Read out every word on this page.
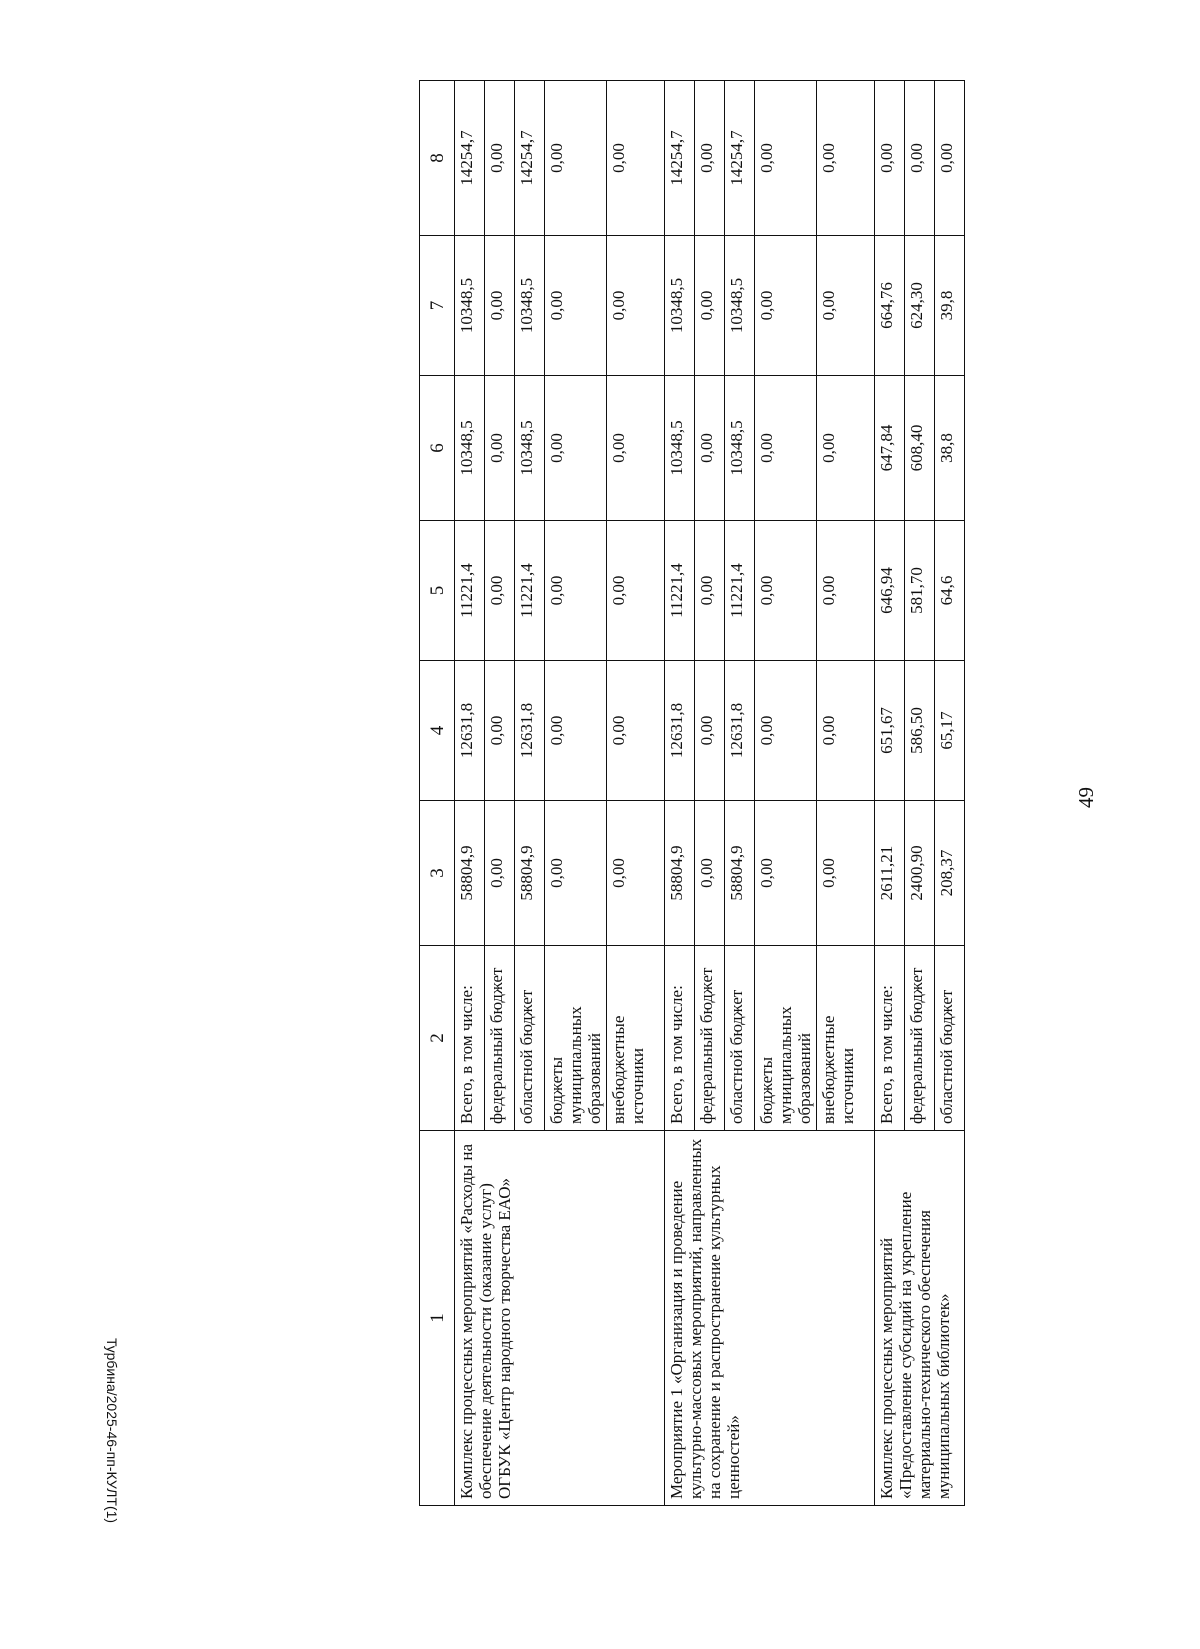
49
1	2	3	4	5	6	7	8
Комплекс процессных мероприятий «Расходы на обеспечение деятельности (оказание услуг) ОГБУК «Центр народного творчества ЕАО»	Всего, в том числе:	58804,9	12631,8	11221,4	10348,5	10348,5	14254,7
	федеральный бюджет	0,00	0,00	0,00	0,00	0,00	0,00
	областной бюджет	58804,9	12631,8	11221,4	10348,5	10348,5	14254,7
	бюджеты муниципальных образований	0,00	0,00	0,00	0,00	0,00	0,00
	внебюджетные источники	0,00	0,00	0,00	0,00	0,00	0,00
Мероприятие 1 «Организация и проведение культурно-массовых мероприятий, направленных на сохранение и распространение культурных ценностей»	Всего, в том числе:	58804,9	12631,8	11221,4	10348,5	10348,5	14254,7
	федеральный бюджет	0,00	0,00	0,00	0,00	0,00	0,00
	областной бюджет	58804,9	12631,8	11221,4	10348,5	10348,5	14254,7
	бюджеты муниципальных образований	0,00	0,00	0,00	0,00	0,00	0,00
	внебюджетные источники	0,00	0,00	0,00	0,00	0,00	0,00
Комплекс процессных мероприятий «Предоставление субсидий на укрепление материально-технического обеспечения муниципальных библиотек»	Всего, в том числе:	2611,21	651,67	646,94	647,84	664,76	0,00
	федеральный бюджет	2400,90	586,50	581,70	608,40	624,30	0,00
	областной бюджет	208,37	65,17	64,6	38,8	39,8	0,00
Турбина/2025-46-пп-КУЛТ(1)
